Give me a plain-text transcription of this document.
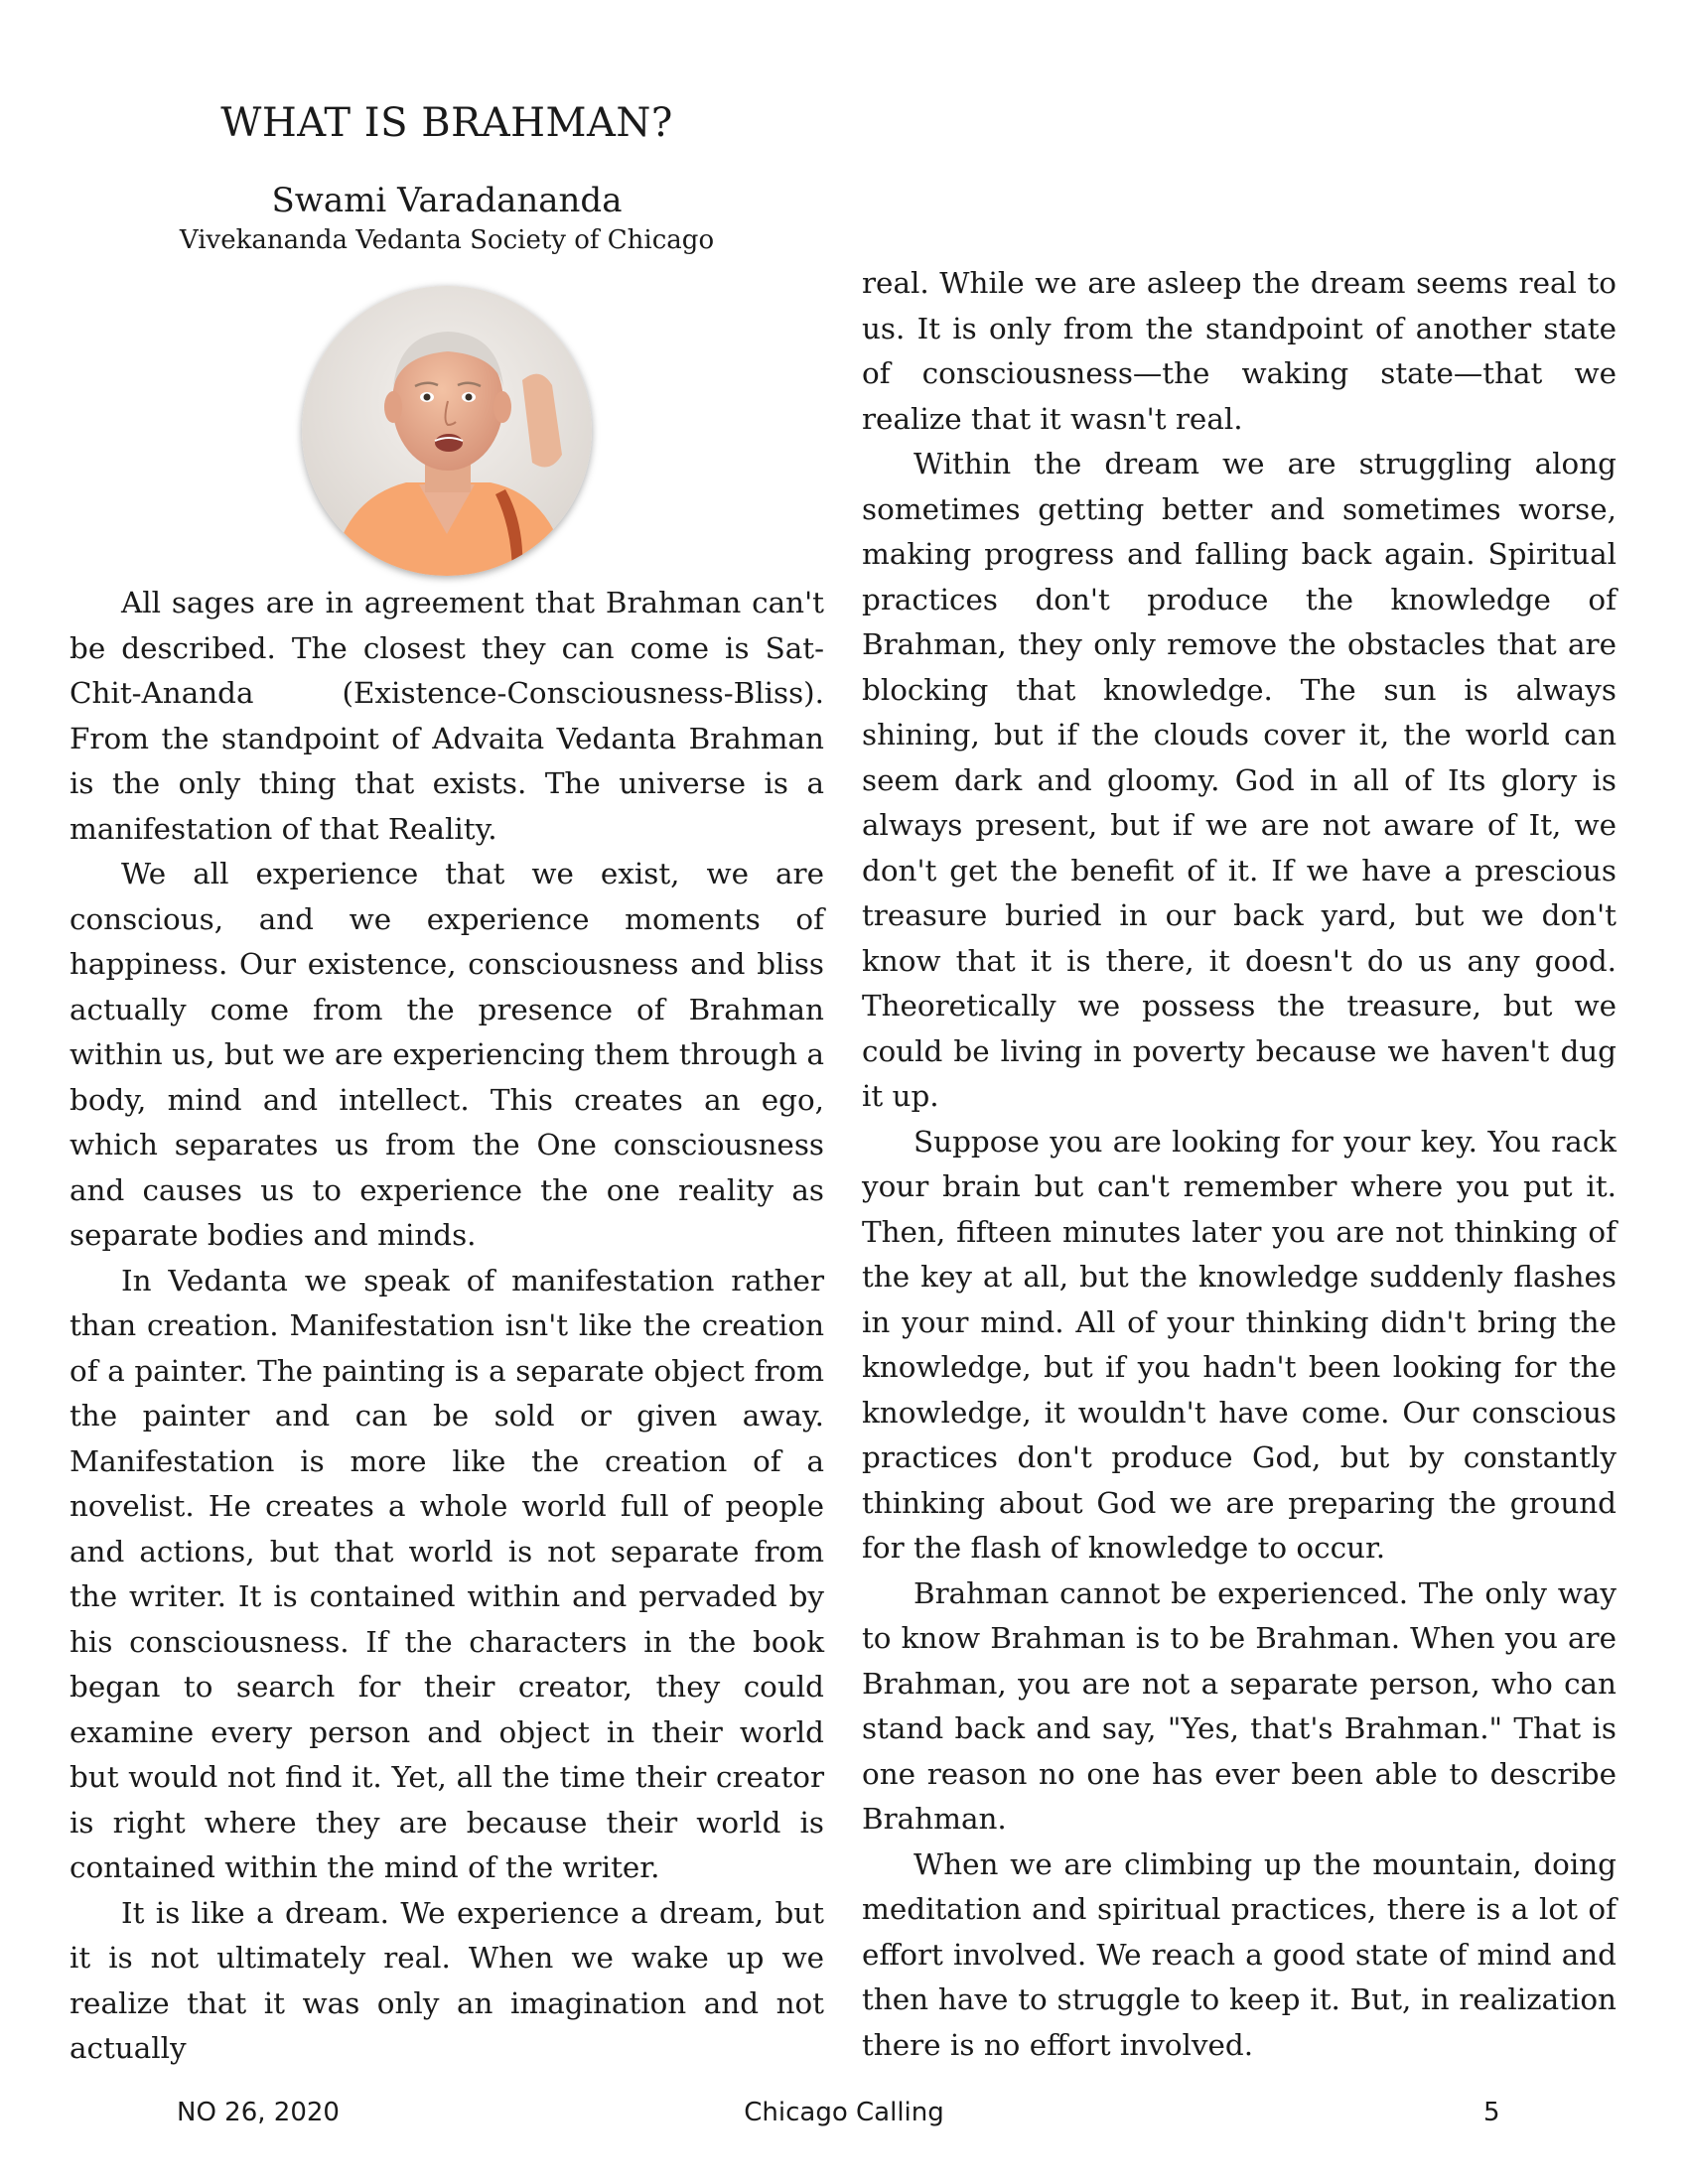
WHAT IS BRAHMAN?
Swami Varadananda
Vivekananda Vedanta Society of Chicago

All sages are in agreement that Brahman can't be described. The closest they can come is Sat-Chit-Ananda (Existence-Consciousness-Bliss). From the standpoint of Advaita Vedanta Brahman is the only thing that exists. The universe is a manifestation of that Reality.

We all experience that we exist, we are conscious, and we experience moments of happiness. Our existence, consciousness and bliss actually come from the presence of Brahman within us, but we are experiencing them through a body, mind and intellect. This creates an ego, which separates us from the One consciousness and causes us to experience the one reality as separate bodies and minds.

In Vedanta we speak of manifestation rather than creation. Manifestation isn't like the creation of a painter. The painting is a separate object from the painter and can be sold or given away. Manifestation is more like the creation of a novelist. He creates a whole world full of people and actions, but that world is not separate from the writer. It is contained within and pervaded by his consciousness. If the characters in the book began to search for their creator, they could examine every person and object in their world but would not find it. Yet, all the time their creator is right where they are because their world is contained within the mind of the writer.

It is like a dream. We experience a dream, but it is not ultimately real. When we wake up we realize that it was only an imagination and not actually

real. While we are asleep the dream seems real to us. It is only from the standpoint of another state of consciousness—the waking state—that we realize that it wasn't real.

Within the dream we are struggling along sometimes getting better and sometimes worse, making progress and falling back again. Spiritual practices don't produce the knowledge of Brahman, they only remove the obstacles that are blocking that knowledge. The sun is always shining, but if the clouds cover it, the world can seem dark and gloomy. God in all of Its glory is always present, but if we are not aware of It, we don't get the benefit of it. If we have a prescious treasure buried in our back yard, but we don't know that it is there, it doesn't do us any good. Theoretically we possess the treasure, but we could be living in poverty because we haven't dug it up.

Suppose you are looking for your key. You rack your brain but can't remember where you put it. Then, fifteen minutes later you are not thinking of the key at all, but the knowledge suddenly flashes in your mind. All of your thinking didn't bring the knowledge, but if you hadn't been looking for the knowledge, it wouldn't have come. Our conscious practices don't produce God, but by constantly thinking about God we are preparing the ground for the flash of knowledge to occur.

Brahman cannot be experienced. The only way to know Brahman is to be Brahman. When you are Brahman, you are not a separate person, who can stand back and say, "Yes, that's Brahman." That is one reason no one has ever been able to describe Brahman.

When we are climbing up the mountain, doing meditation and spiritual practices, there is a lot of effort involved. We reach a good state of mind and then have to struggle to keep it. But, in realization there is no effort involved.

Chicago Calling
NO 26, 2020	5
